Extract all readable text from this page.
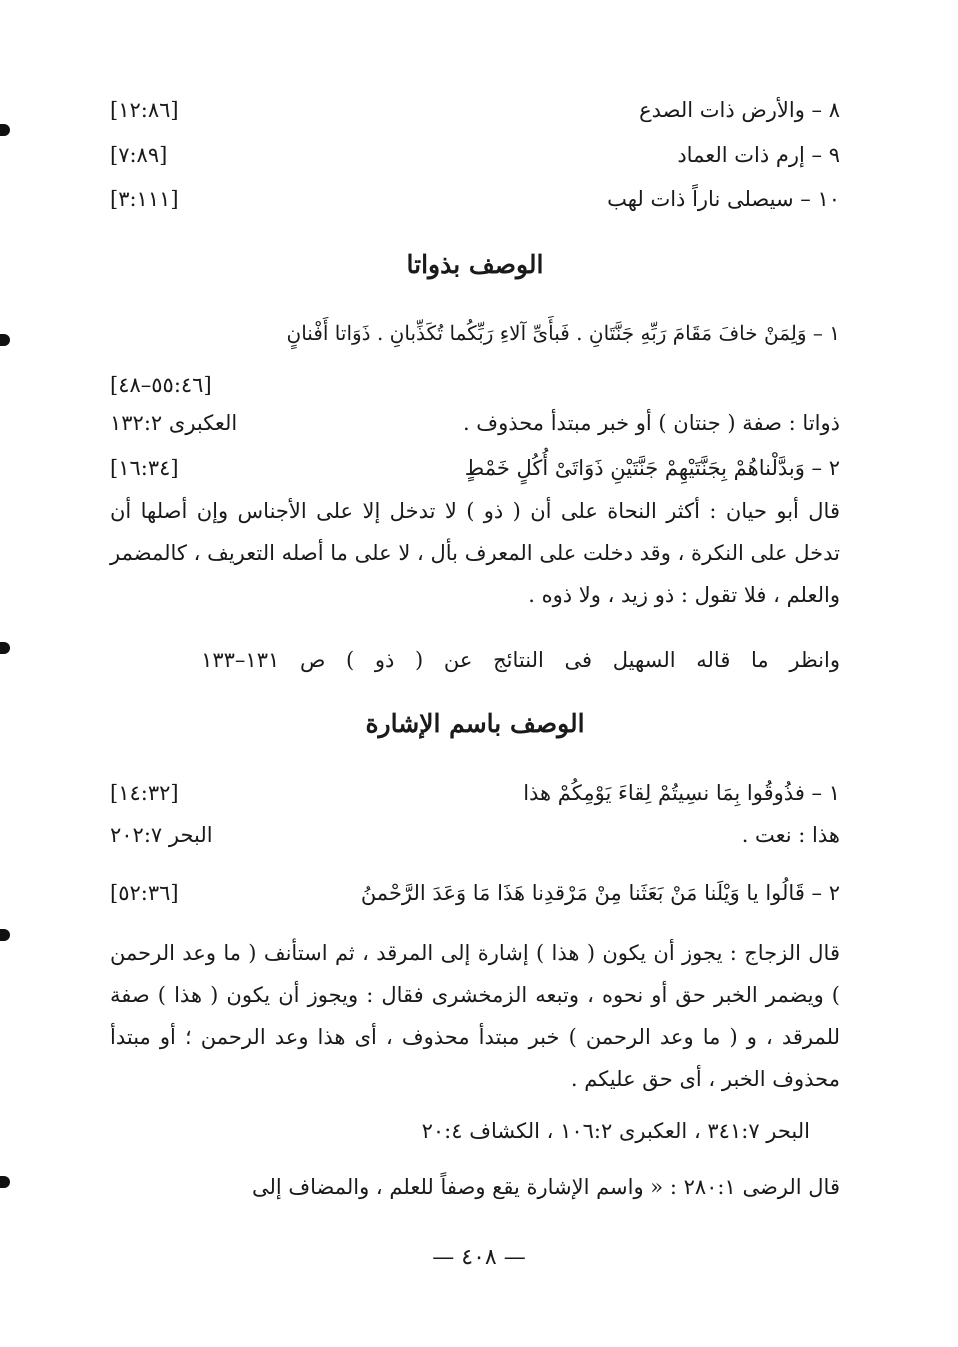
٨ – والأرض ذات الصدع
[١٢:٨٦]
٩ – إرم ذات العماد
[٧:٨٩]
١٠ – سيصلى ناراً ذات لهب
[٣:١١١]
الوصف بذواتا
١ – وَلِمَنْ خافَ مَقَامَ رَبِّهِ جَنَّتَانِ . فَبأَىِّ آلاءِ رَبِّكُما تُكَذِّبانِ . ذَوَاتا أَفْنانٍ
[٥٥:٤٦–٤٨]
ذواتا : صفة ( جنتان ) أو خبر مبتدأ محذوف .
العكبرى ١٣٢:٢
٢ – وَبدَّلْناهُمْ بِجَنَّتَيْهِمْ جَنَّتَيْنِ ذَوَاتَىْ أُكُلٍ خَمْطٍ
[١٦:٣٤]
قال أبو حيان : أكثر النحاة على أن ( ذو ) لا تدخل إلا على الأجناس وإن أصلها أن تدخل على النكرة ، وقد دخلت على المعرف بأل ، لا على ما أصله التعريف ، كالمضمر والعلم ، فلا تقول : ذو زيد ، ولا ذوه .
وانظر ما قاله السهيل فى النتائج عن ( ذو ) ص ١٣١–١٣٣
الوصف باسم الإشارة
١ – فذُوقُوا بِمَا نسِيتُمْ لِقاءَ يَوْمِكُمْ هذا
[١٤:٣٢]
هذا : نعت .
البحر ٢٠٢:٧
٢ – قَالُوا يا وَيْلَنا مَنْ بَعَثَنا مِنْ مَرْقدِنا هَذَا مَا وَعَدَ الرَّحْمنُ
[٥٢:٣٦]
قال الزجاج : يجوز أن يكون ( هذا ) إشارة إلى المرقد ، ثم استأنف ( ما وعد الرحمن ) ويضمر الخبر حق أو نحوه ، وتبعه الزمخشرى فقال : ويجوز أن يكون ( هذا ) صفة للمرقد ، و ( ما وعد الرحمن ) خبر مبتدأ محذوف ، أى هذا وعد الرحمن ؛ أو مبتدأ محذوف الخبر ، أى حق عليكم .
البحر ٣٤١:٧ ، العكبرى ١٠٦:٢ ، الكشاف ٢٠:٤
قال الرضى ٢٨٠:١ : « واسم الإشارة يقع وصفاً للعلم ، والمضاف إلى
— ٤٠٨ —
